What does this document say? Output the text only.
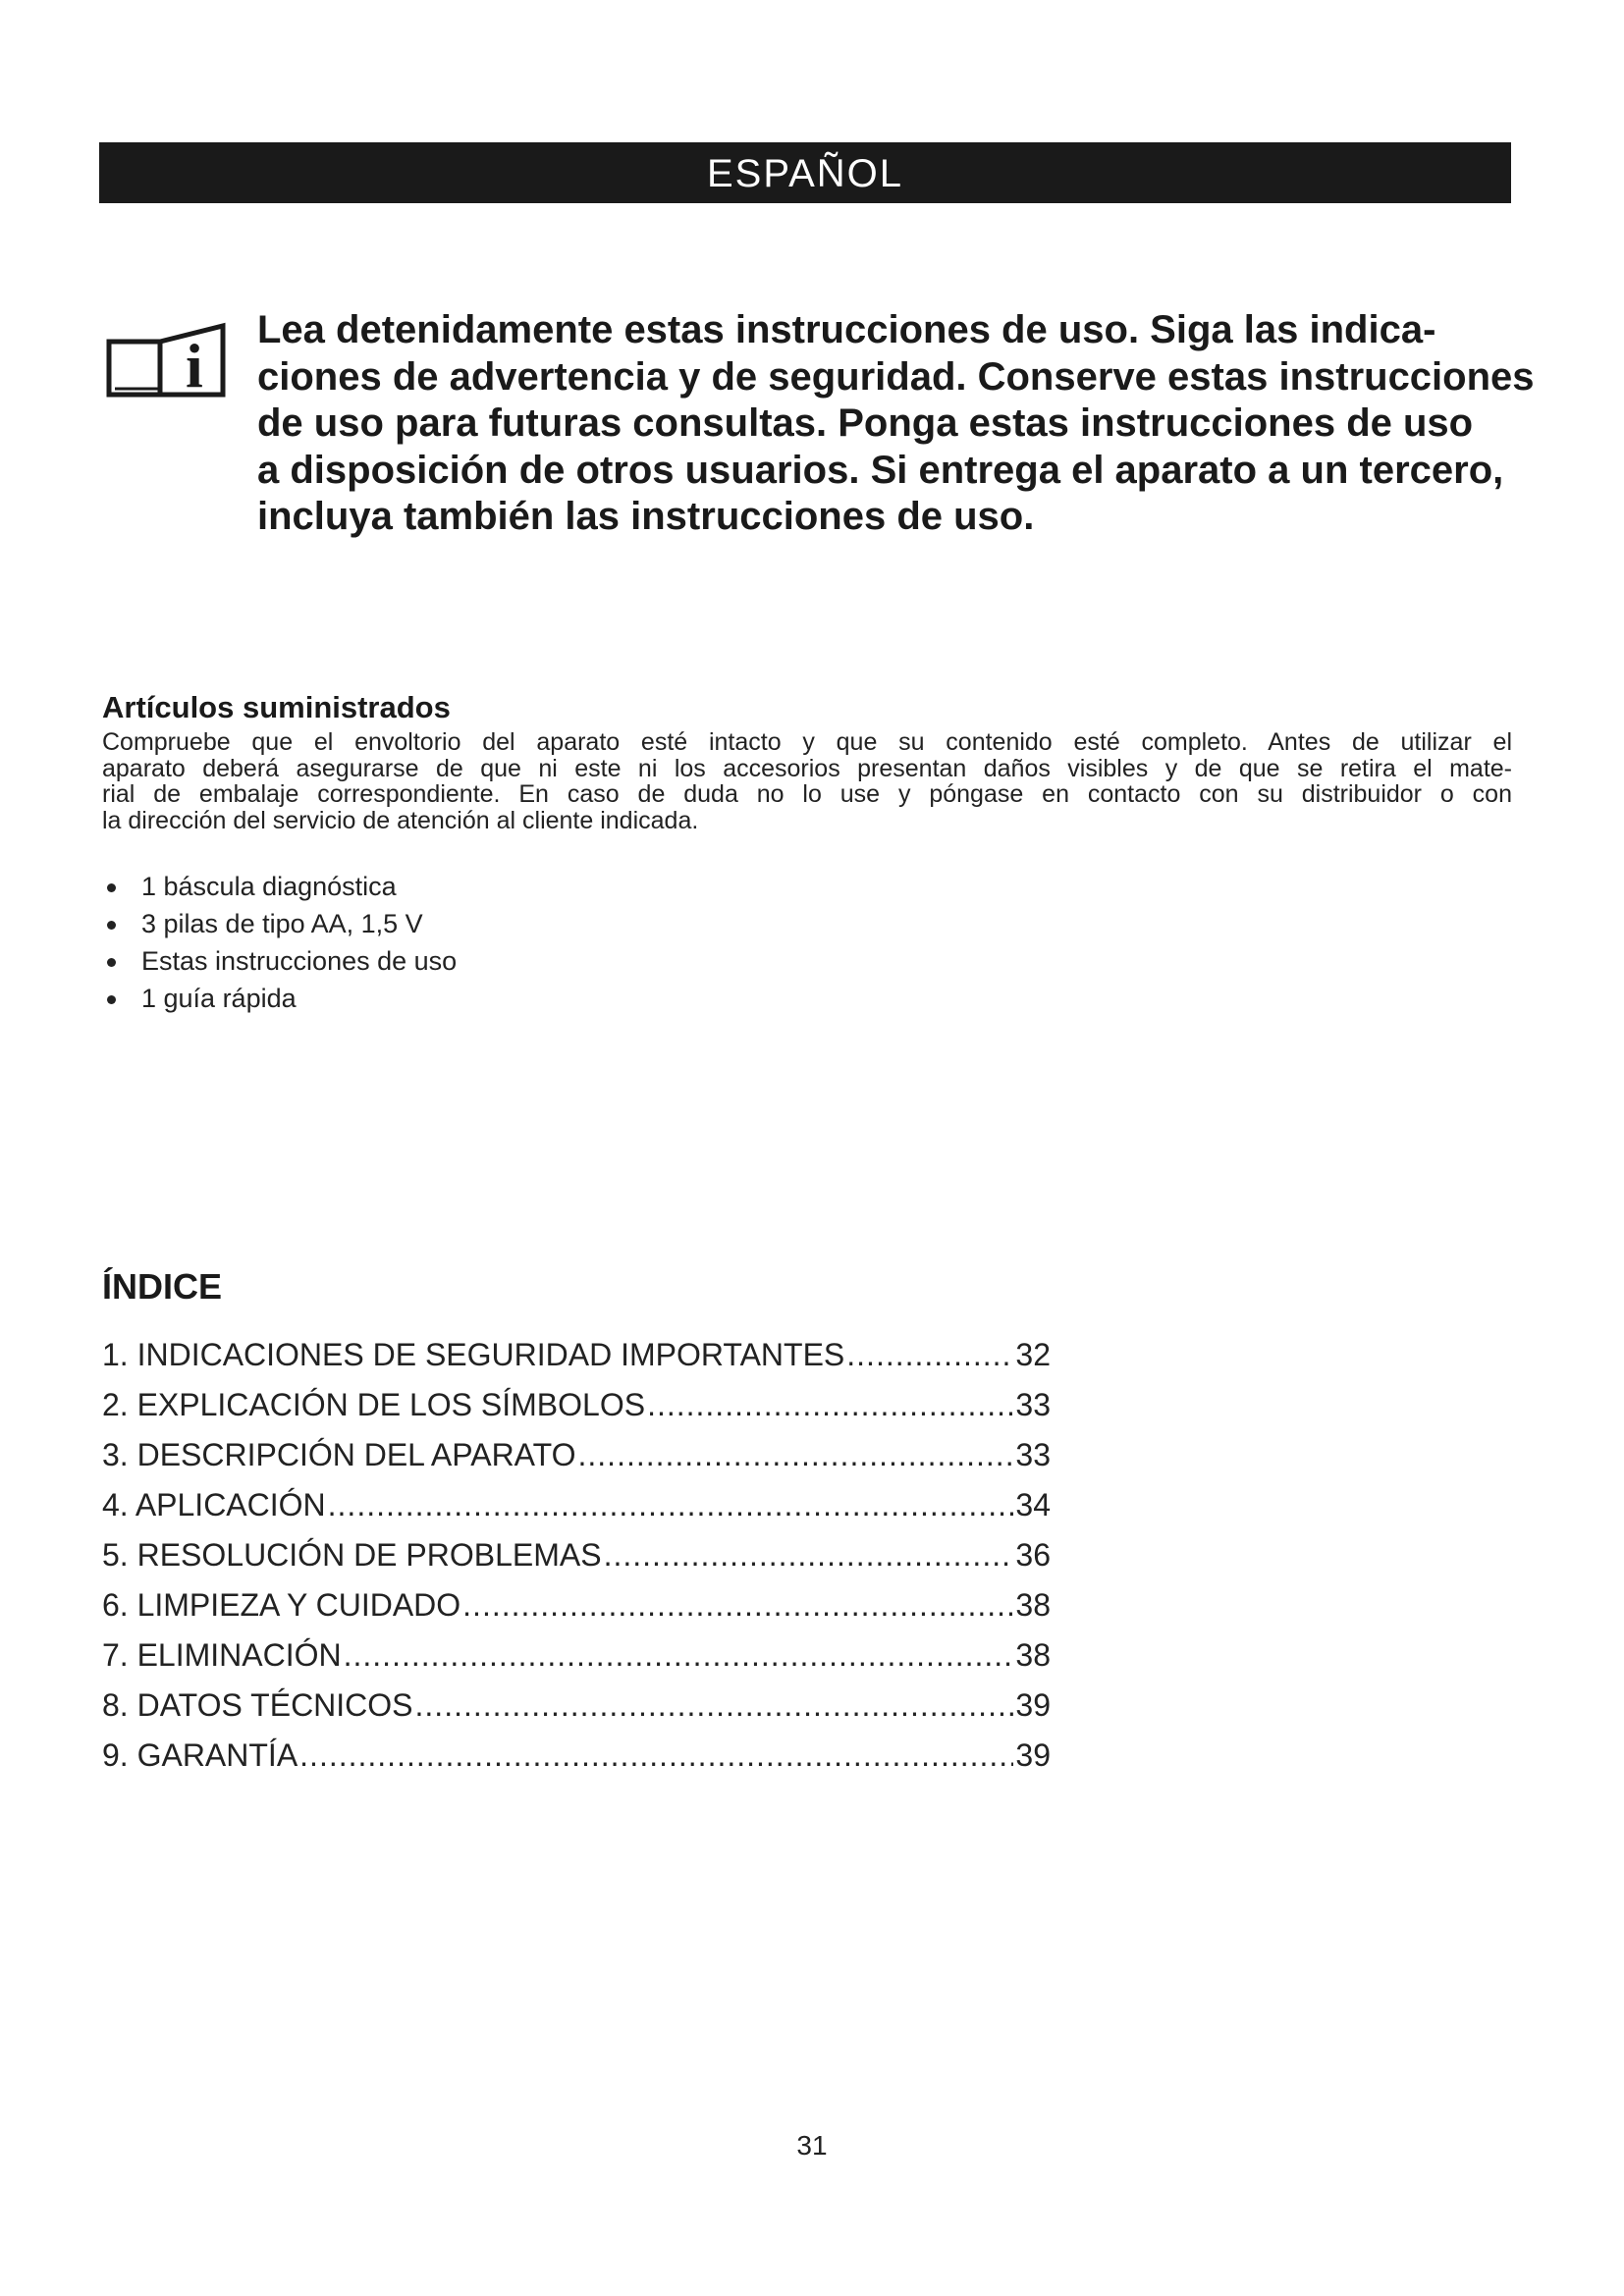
ESPAÑOL
i
Lea detenidamente estas instrucciones de uso. Siga las indica-
ciones de advertencia y de seguridad. Conserve estas instrucciones
de uso para futuras consultas. Ponga estas instrucciones de uso
a disposición de otros usuarios. Si entrega el aparato a un tercero,
incluya también las instrucciones de uso.
Artículos suministrados
Compruebe que el envoltorio del aparato esté intacto y que su contenido esté completo. Antes de utilizar el
aparato deberá asegurarse de que ni este ni los accesorios presentan daños visibles y de que se retira el mate-
rial de embalaje correspondiente. En caso de duda no lo use y póngase en contacto con su distribuidor o con
la dirección del servicio de atención al cliente indicada.
1 báscula diagnóstica
3 pilas de tipo AA, 1,5 V
Estas instrucciones de uso
1 guía rápida
ÍNDICE
1. INDICACIONES DE SEGURIDAD IMPORTANTES .....	32
2. EXPLICACIÓN DE LOS SÍMBOLOS .....	33
3. DESCRIPCIÓN DEL APARATO .....	33
4. APLICACIÓN .....	34
5. RESOLUCIÓN DE PROBLEMAS .....	36
6. LIMPIEZA Y CUIDADO .....	38
7. ELIMINACIÓN .....	38
8. DATOS TÉCNICOS .....	39
9. GARANTÍA .....	39
31
